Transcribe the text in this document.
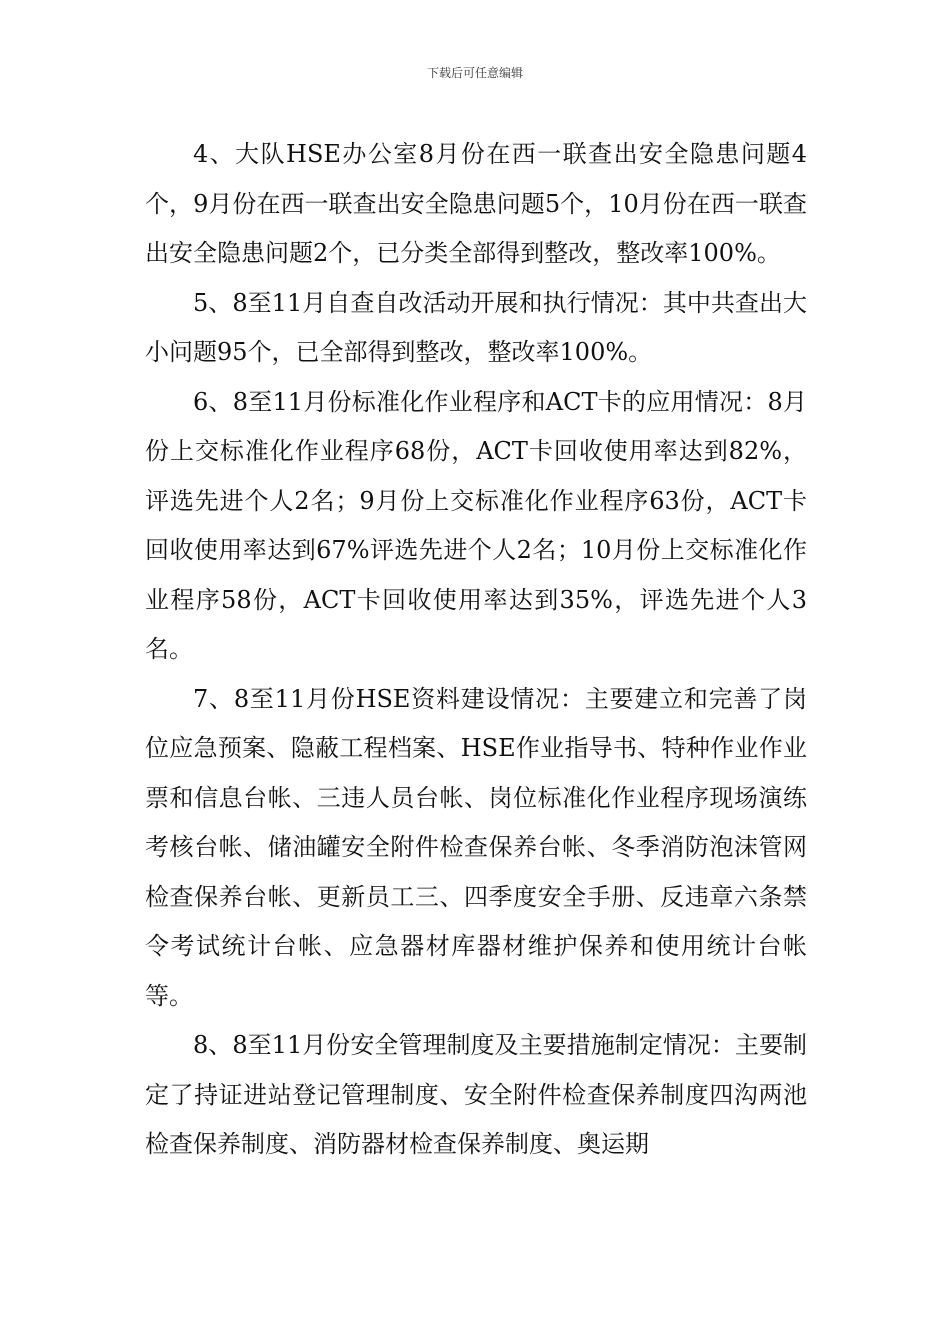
下载后可任意编辑

4、大队HSE办公室8月份在西一联查出安全隐患问题4个，9月份在西一联查出安全隐患问题5个，10月份在西一联查出安全隐患问题2个，已分类全部得到整改，整改率100%。

5、8至11月自查自改活动开展和执行情况：其中共查出大小问题95个，已全部得到整改，整改率100%。

6、8至11月份标准化作业程序和ACT卡的应用情况：8月份上交标准化作业程序68份，ACT卡回收使用率达到82%，评选先进个人2名；9月份上交标准化作业程序63份，ACT卡回收使用率达到67%评选先进个人2名；10月份上交标准化作业程序58份，ACT卡回收使用率达到35%，评选先进个人3名。

7、8至11月份HSE资料建设情况：主要建立和完善了岗位应急预案、隐蔽工程档案、HSE作业指导书、特种作业作业票和信息台帐、三违人员台帐、岗位标准化作业程序现场演练考核台帐、储油罐安全附件检查保养台帐、冬季消防泡沫管网检查保养台帐、更新员工三、四季度安全手册、反违章六条禁令考试统计台帐、应急器材库器材维护保养和使用统计台帐等。

8、8至11月份安全管理制度及主要措施制定情况：主要制定了持证进站登记管理制度、安全附件检查保养制度四沟两池检查保养制度、消防器材检查保养制度、奥运期
